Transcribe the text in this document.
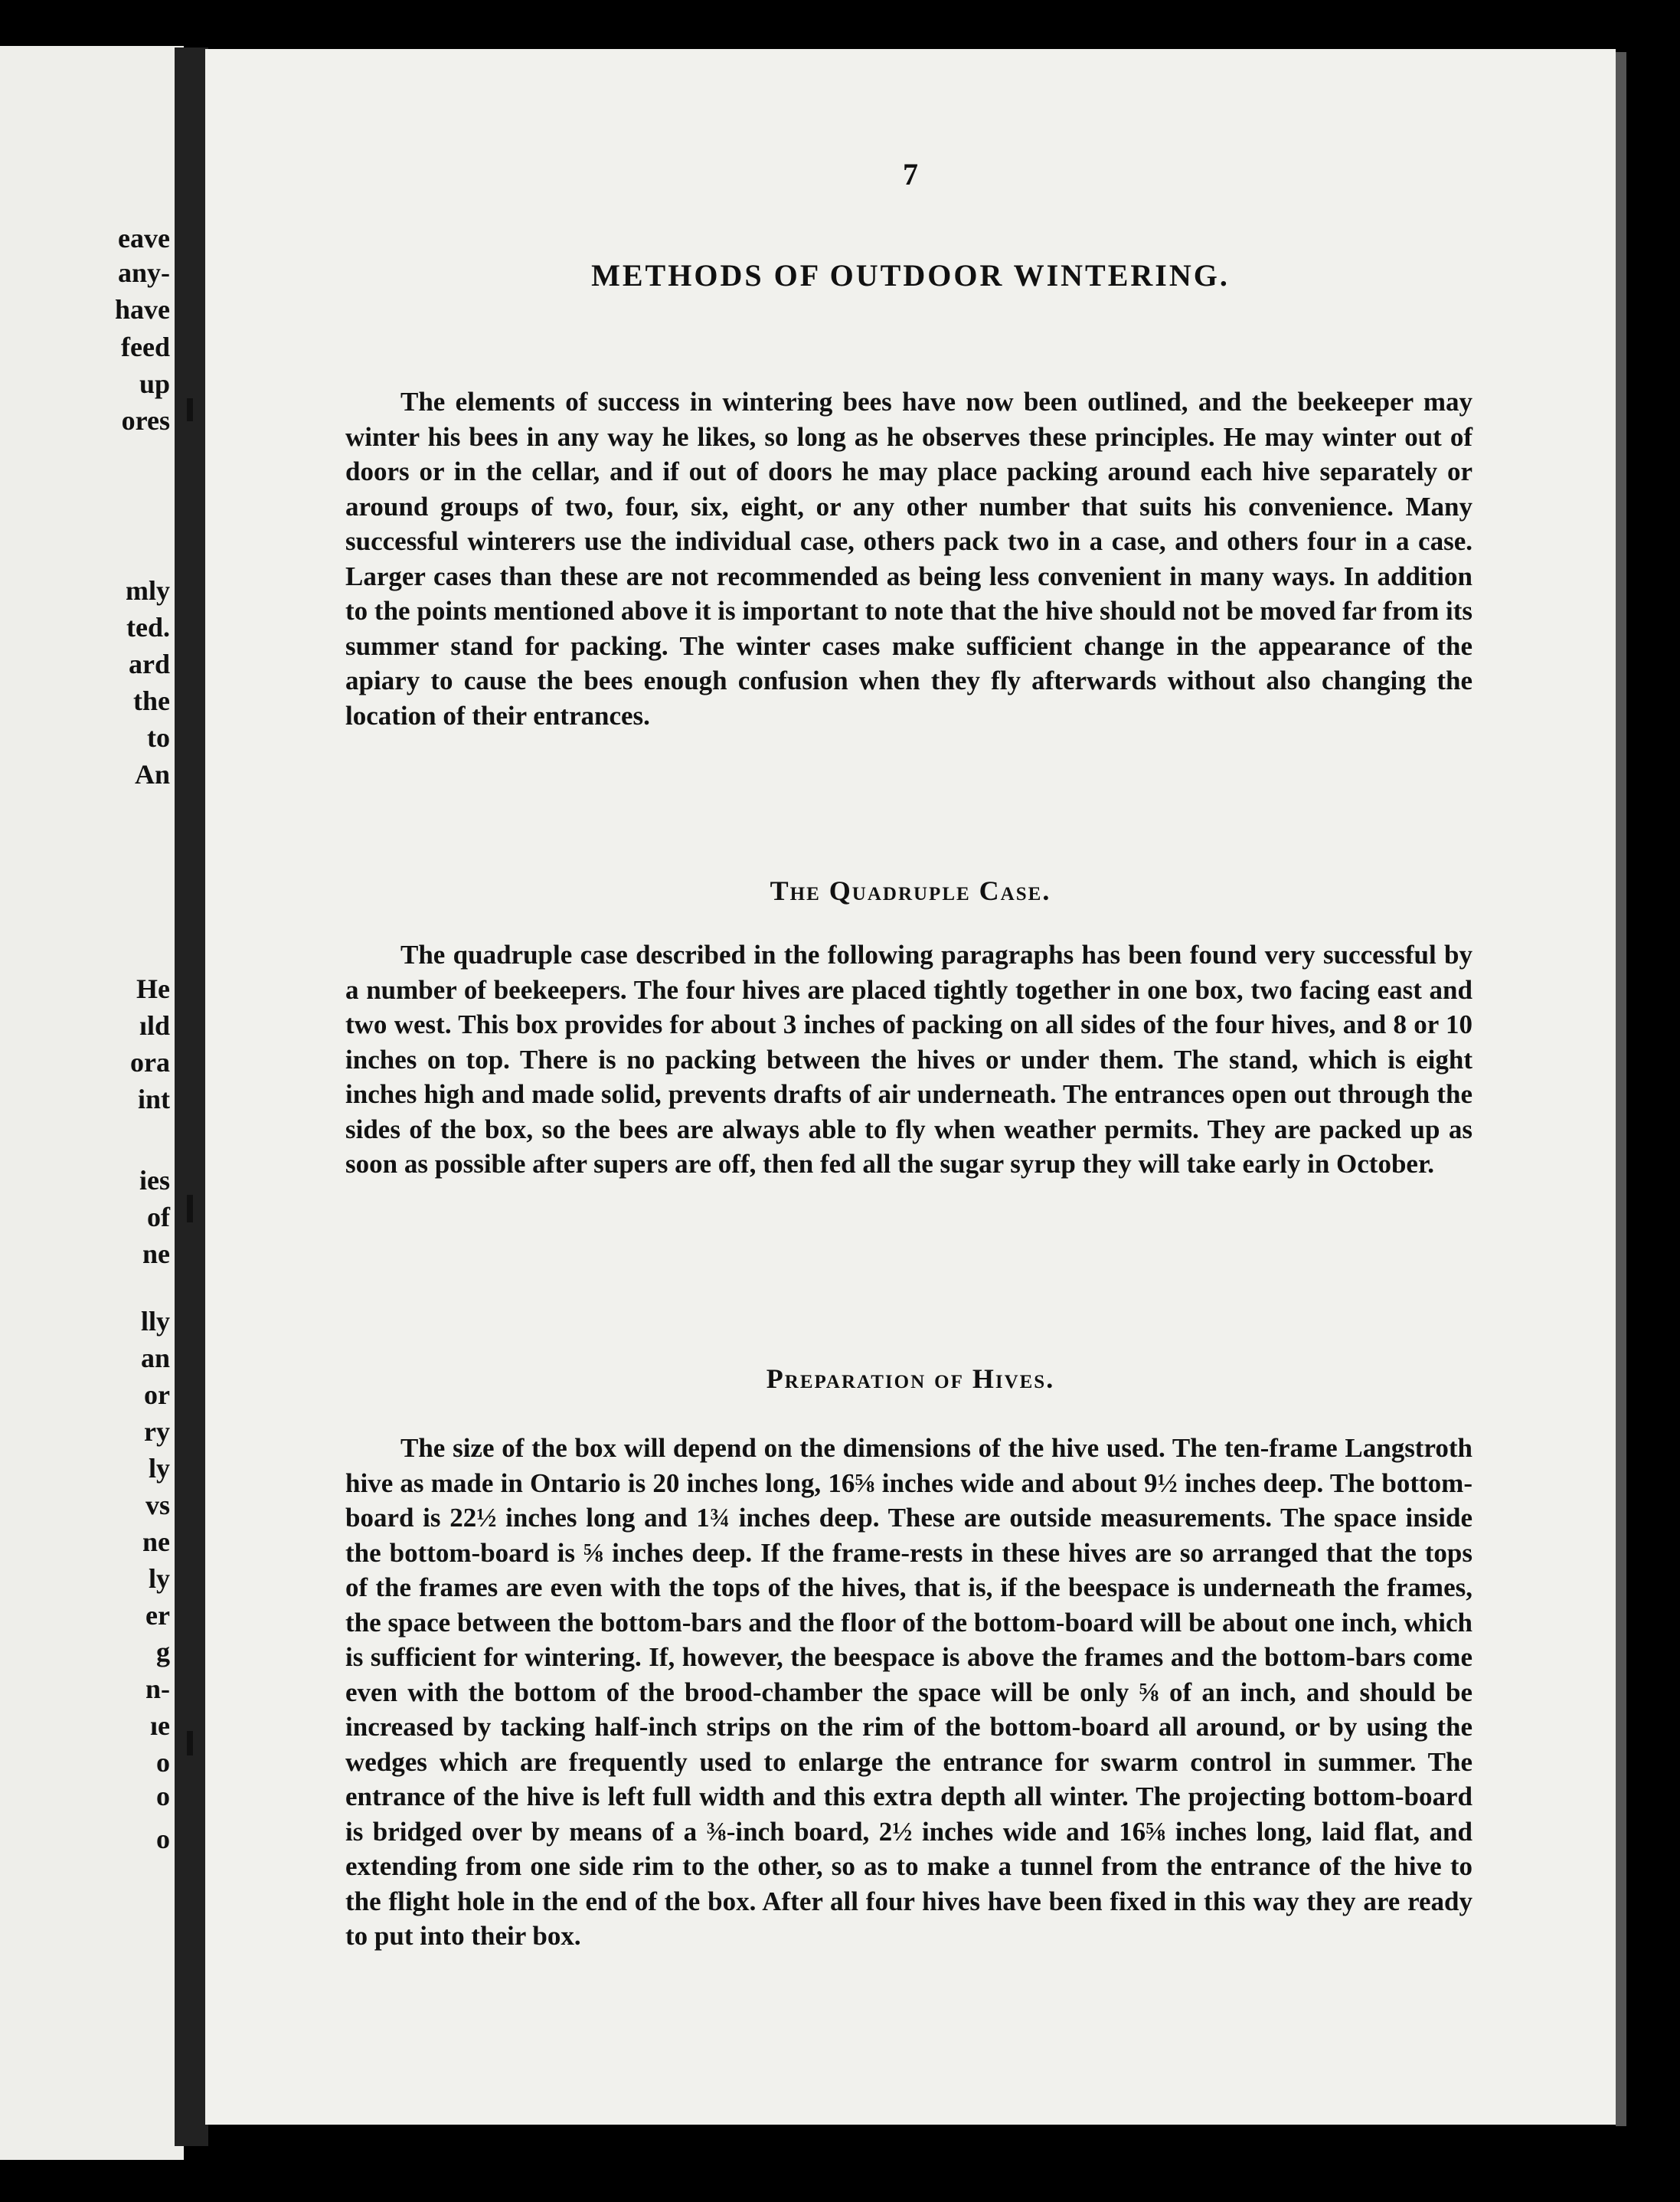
eave
any-
have
feed
up
ores
mly
ted.
ard
the
to
An
He
ıld
ora
int
ies
of
ne
lly
an
or
ry
ly
vs
ne
ly
er
g
n-
ıe
o
o
o
7
METHODS OF OUTDOOR WINTERING.

The elements of success in wintering bees have now been outlined, and the beekeeper may winter his bees in any way he likes, so long as he observes these principles. He may winter out of doors or in the cellar, and if out of doors he may place packing around each hive separately or around groups of two, four, six, eight, or any other number that suits his convenience. Many successful winterers use the individual case, others pack two in a case, and others four in a case. Larger cases than these are not recommended as being less convenient in many ways. In addition to the points mentioned above it is important to note that the hive should not be moved far from its summer stand for packing. The winter cases make sufficient change in the appearance of the apiary to cause the bees enough confusion when they fly afterwards without also changing the location of their entrances.

The Quadruple Case.

The quadruple case described in the following paragraphs has been found very successful by a number of beekeepers. The four hives are placed tightly together in one box, two facing east and two west. This box provides for about 3 inches of packing on all sides of the four hives, and 8 or 10 inches on top. There is no packing between the hives or under them. The stand, which is eight inches high and made solid, prevents drafts of air underneath. The entrances open out through the sides of the box, so the bees are always able to fly when weather permits. They are packed up as soon as possible after supers are off, then fed all the sugar syrup they will take early in October.

Preparation of Hives.

The size of the box will depend on the dimensions of the hive used. The ten-frame Langstroth hive as made in Ontario is 20 inches long, 16⅝ inches wide and about 9½ inches deep. The bottom-board is 22½ inches long and 1¾ inches deep. These are outside measurements. The space inside the bottom-board is ⅝ inches deep. If the frame-rests in these hives are so arranged that the tops of the frames are even with the tops of the hives, that is, if the beespace is underneath the frames, the space between the bottom-bars and the floor of the bottom-board will be about one inch, which is sufficient for wintering. If, however, the beespace is above the frames and the bottom-bars come even with the bottom of the brood-chamber the space will be only ⅝ of an inch, and should be increased by tacking half-inch strips on the rim of the bottom-board all around, or by using the wedges which are frequently used to enlarge the entrance for swarm control in summer. The entrance of the hive is left full width and this extra depth all winter. The projecting bottom-board is bridged over by means of a ⅜-inch board, 2½ inches wide and 16⅝ inches long, laid flat, and extending from one side rim to the other, so as to make a tunnel from the entrance of the hive to the flight hole in the end of the box. After all four hives have been fixed in this way they are ready to put into their box.
